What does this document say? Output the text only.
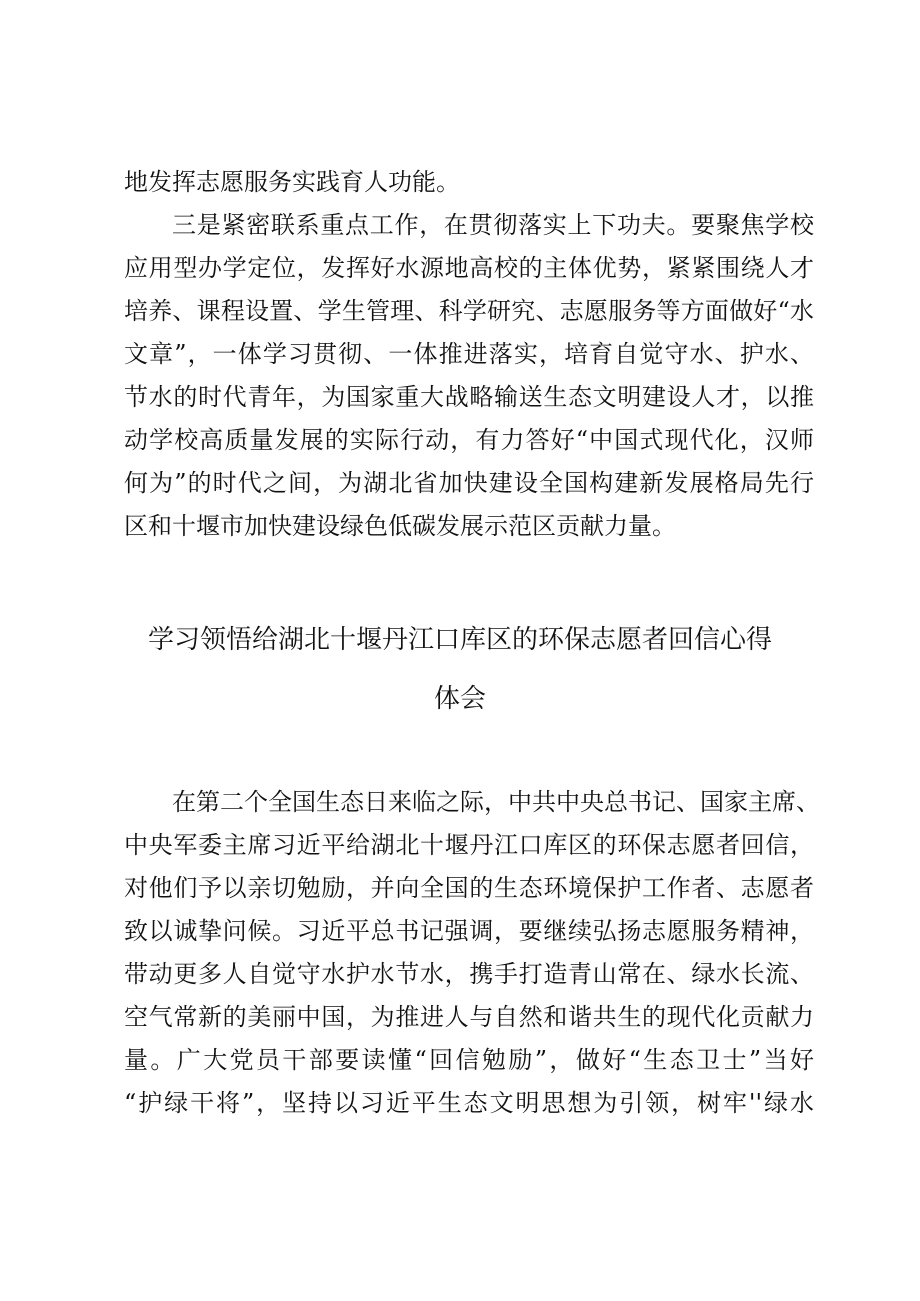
地发挥志愿服务实践育人功能。
三是紧密联系重点工作，在贯彻落实上下功夫。要聚焦学校
应用型办学定位，发挥好水源地高校的主体优势，紧紧围绕人才
培养、课程设置、学生管理、科学研究、志愿服务等方面做好“水
文章”，一体学习贯彻、一体推进落实，培育自觉守水、护水、
节水的时代青年，为国家重大战略输送生态文明建设人才，以推
动学校高质量发展的实际行动，有力答好“中国式现代化，汉师
何为”的时代之间，为湖北省加快建设全国构建新发展格局先行
区和十堰市加快建设绿色低碳发展示范区贡献力量。
学习领悟给湖北十堰丹江口库区的环保志愿者回信心得
体会
在第二个全国生态日来临之际，中共中央总书记、国家主席、
中央军委主席习近平给湖北十堰丹江口库区的环保志愿者回信，
对他们予以亲切勉励，并向全国的生态环境保护工作者、志愿者
致以诚挚问候。习近平总书记强调，要继续弘扬志愿服务精神，
带动更多人自觉守水护水节水，携手打造青山常在、绿水长流、
空气常新的美丽中国，为推进人与自然和谐共生的现代化贡献力
量。广大党员干部要读懂“回信勉励”，做好“生态卫士”当好
“护绿干将”，坚持以习近平生态文明思想为引领，树牢''绿水
